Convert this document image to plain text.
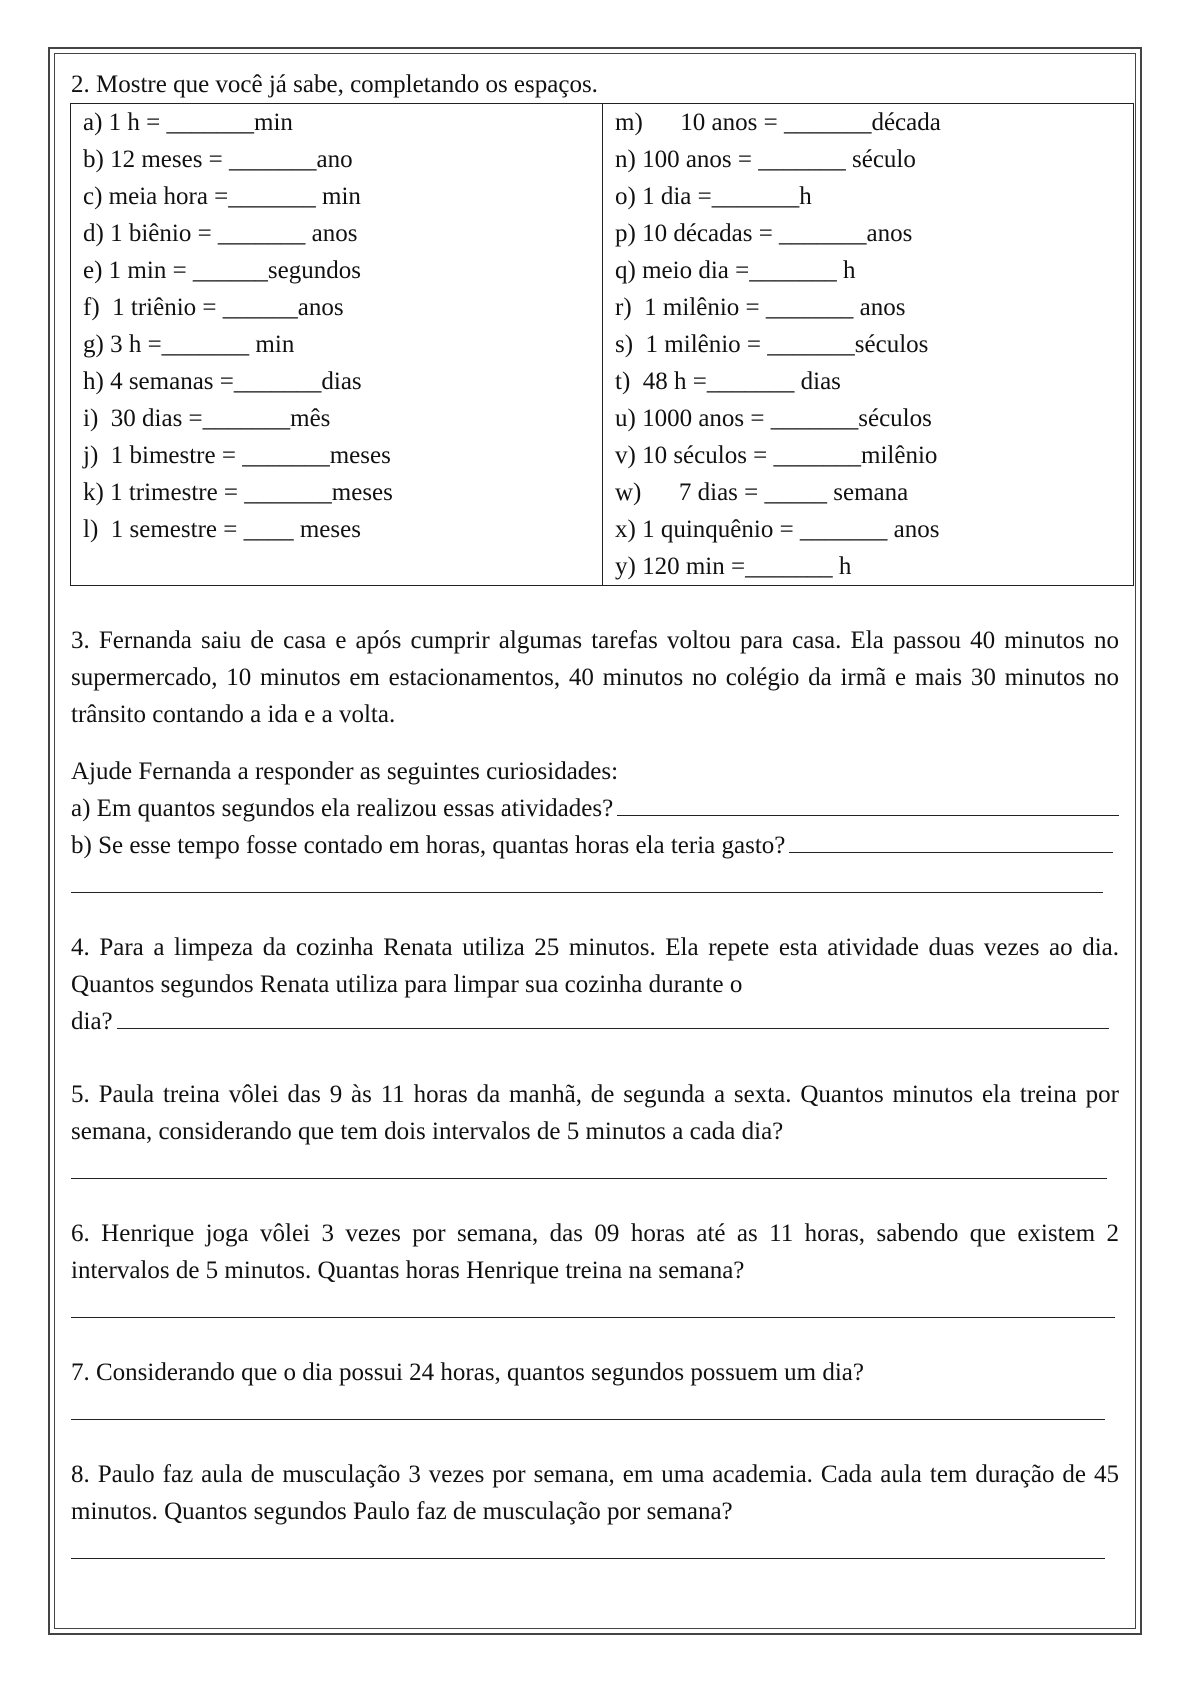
2. Mostre que você já sabe, completando os espaços.

a) 1 h = _______min	m)      10 anos = _______década
b) 12 meses = _______ano	n) 100 anos = _______ século
c) meia hora =_______ min	o) 1 dia =_______h
d) 1 biênio = _______ anos	p) 10 décadas = _______anos
e) 1 min = ______segundos	q) meio dia =_______ h
f)  1 triênio = ______anos	r)  1 milênio = _______ anos
g) 3 h =_______ min	s)  1 milênio = _______séculos
h) 4 semanas =_______dias	t)  48 h =_______ dias
i)  30 dias =_______mês	u) 1000 anos = _______séculos
j)  1 bimestre = _______meses	v) 10 séculos = _______milênio
k) 1 trimestre = _______meses	w)      7 dias = _____ semana
l)  1 semestre = ____ meses	x) 1 quinquênio = _______ anos
	y) 120 min =_______ h

3. Fernanda saiu de casa e após cumprir algumas tarefas voltou para casa. Ela passou 40 minutos no supermercado, 10 minutos em estacionamentos, 40 minutos no colégio da irmã e mais 30 minutos no trânsito contando a ida e a volta.

Ajude Fernanda a responder as seguintes curiosidades:

a) Em quantos segundos ela realizou essas atividades?
b) Se esse tempo fosse contado em horas, quantas horas ela teria gasto?

4. Para a limpeza da cozinha Renata utiliza 25 minutos. Ela repete esta atividade duas vezes ao dia. Quantos segundos Renata utiliza para limpar sua cozinha durante o

dia?

5. Paula treina vôlei das 9 às 11 horas da manhã, de segunda a sexta. Quantos minutos ela treina por semana, considerando que tem dois intervalos de 5 minutos a cada dia?

6. Henrique joga vôlei 3 vezes por semana, das 09 horas até as 11 horas, sabendo que existem 2 intervalos de 5 minutos. Quantas horas Henrique treina na semana?

7. Considerando que o dia possui 24 horas, quantos segundos possuem um dia?

8. Paulo faz aula de musculação 3 vezes por semana, em uma academia. Cada aula tem duração de 45 minutos. Quantos segundos Paulo faz de musculação por semana?
